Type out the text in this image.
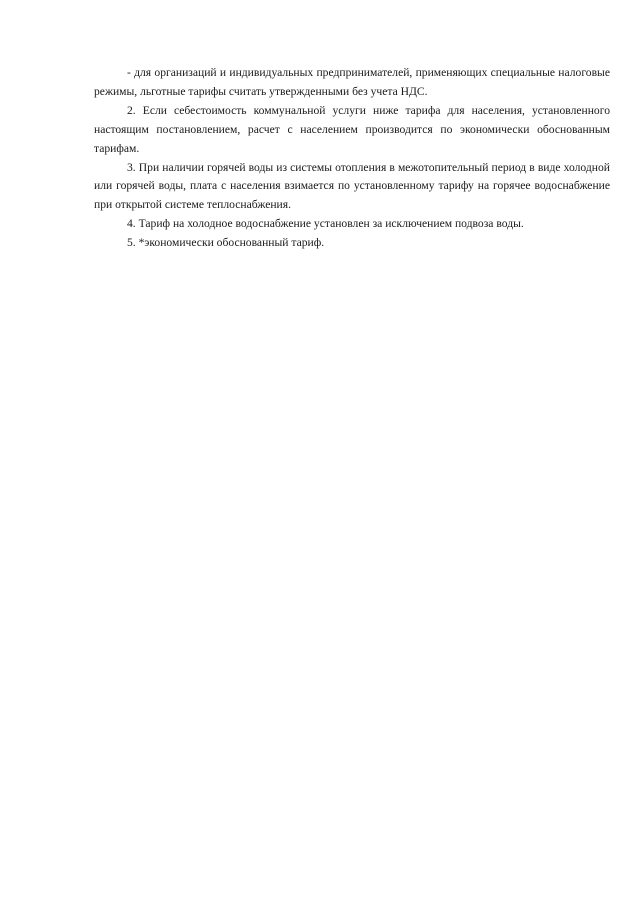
- для организаций и индивидуальных предпринимателей, применяющих специальные налоговые режимы, льготные тарифы считать утвержденными без учета НДС.

2. Если себестоимость коммунальной услуги ниже тарифа для населения, установленного настоящим постановлением, расчет с населением производится по экономически обоснованным тарифам.

3. При наличии горячей воды из системы отопления в межотопительный период в виде холодной или горячей воды, плата с населения взимается по установленному тарифу на горячее водоснабжение при открытой системе теплоснабжения.

4. Тариф на холодное водоснабжение установлен за исключением подвоза воды.

5. *экономически обоснованный тариф.
